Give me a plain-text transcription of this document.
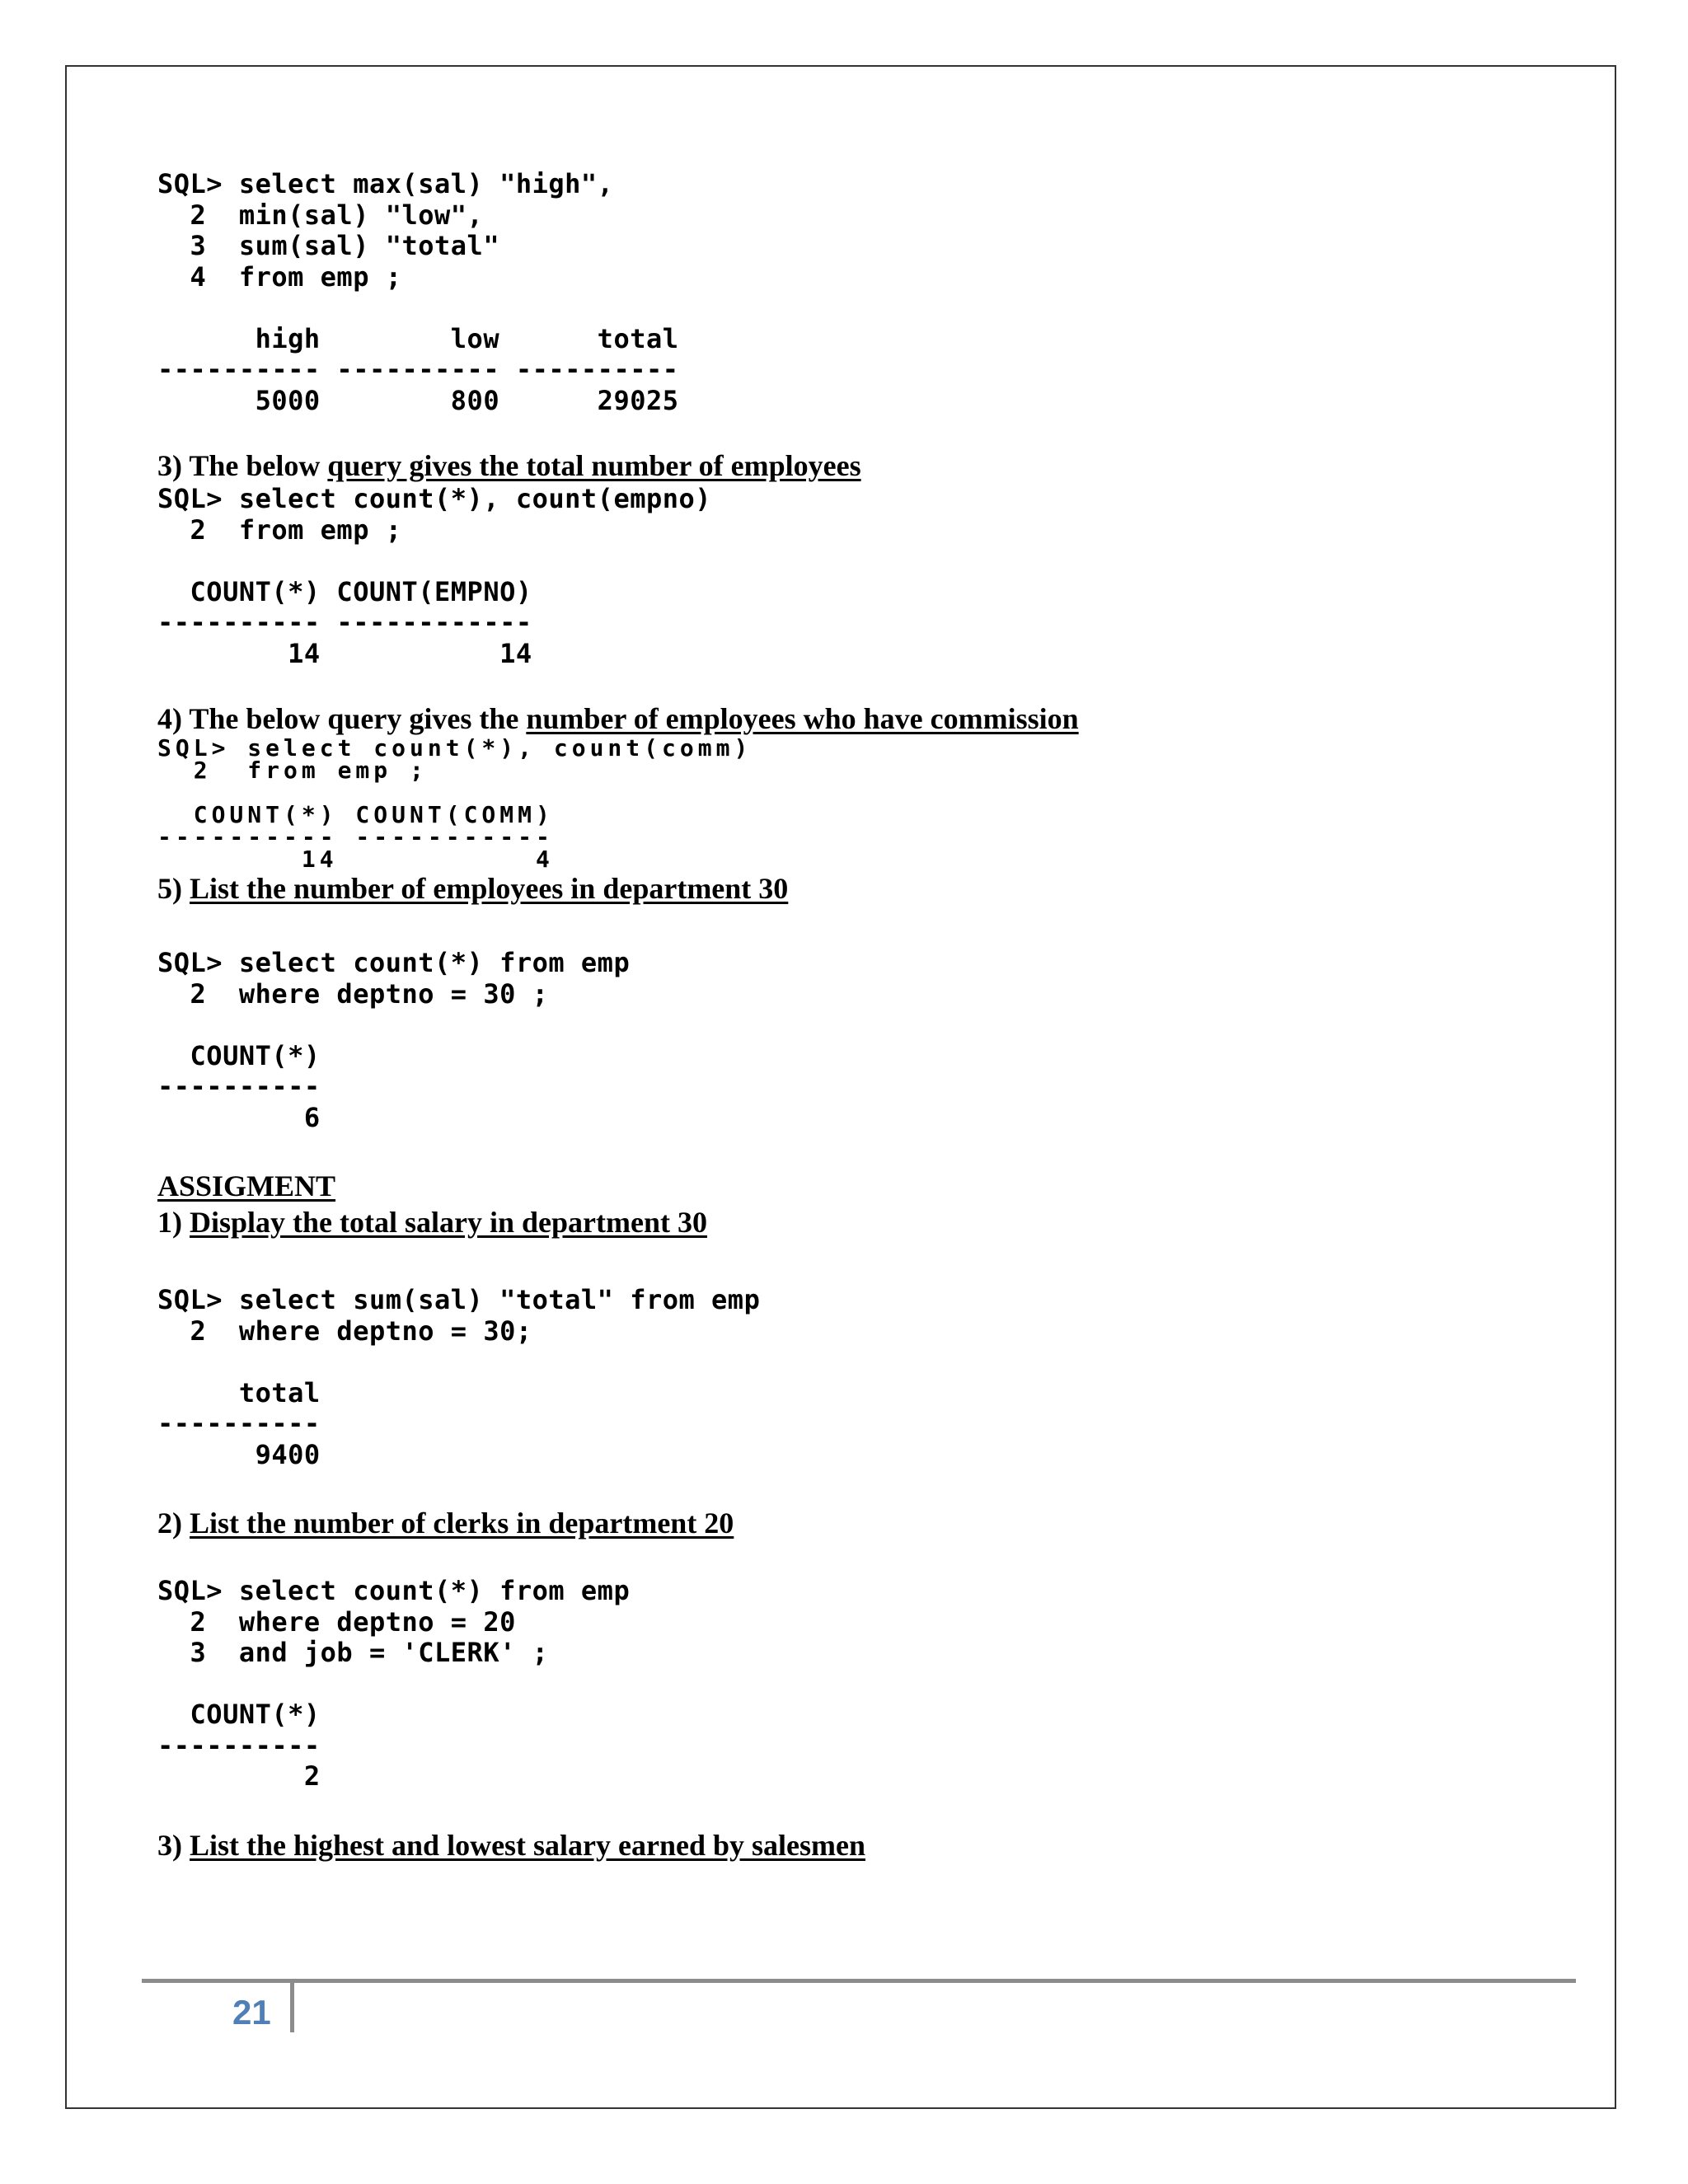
SQL> select max(sal) "high",
2  min(sal) "low",
3  sum(sal) "total"
4  from emp ;

high        low      total
---------- ---------- ----------
5000        800      29025

3) The below query gives the total number of employees

SQL> select count(*), count(empno)
2  from emp ;

COUNT(*) COUNT(EMPNO)
---------- ------------
14           14

4) The below query gives the number of employees who have commission

SQL> select count(*), count(comm)
2  from emp ;

COUNT(*) COUNT(COMM)
---------- -----------
14           4

5) List the number of employees in department 30

SQL> select count(*) from emp
2  where deptno = 30 ;

COUNT(*)
----------
6

ASSIGMENT

1) Display the total salary in department 30

SQL> select sum(sal) "total" from emp
2  where deptno = 30;

total
----------
9400

2) List the number of clerks in department 20

SQL> select count(*) from emp
2  where deptno = 20
3  and job = 'CLERK' ;

COUNT(*)
----------
2

3) List the highest and lowest salary earned by salesmen

21
